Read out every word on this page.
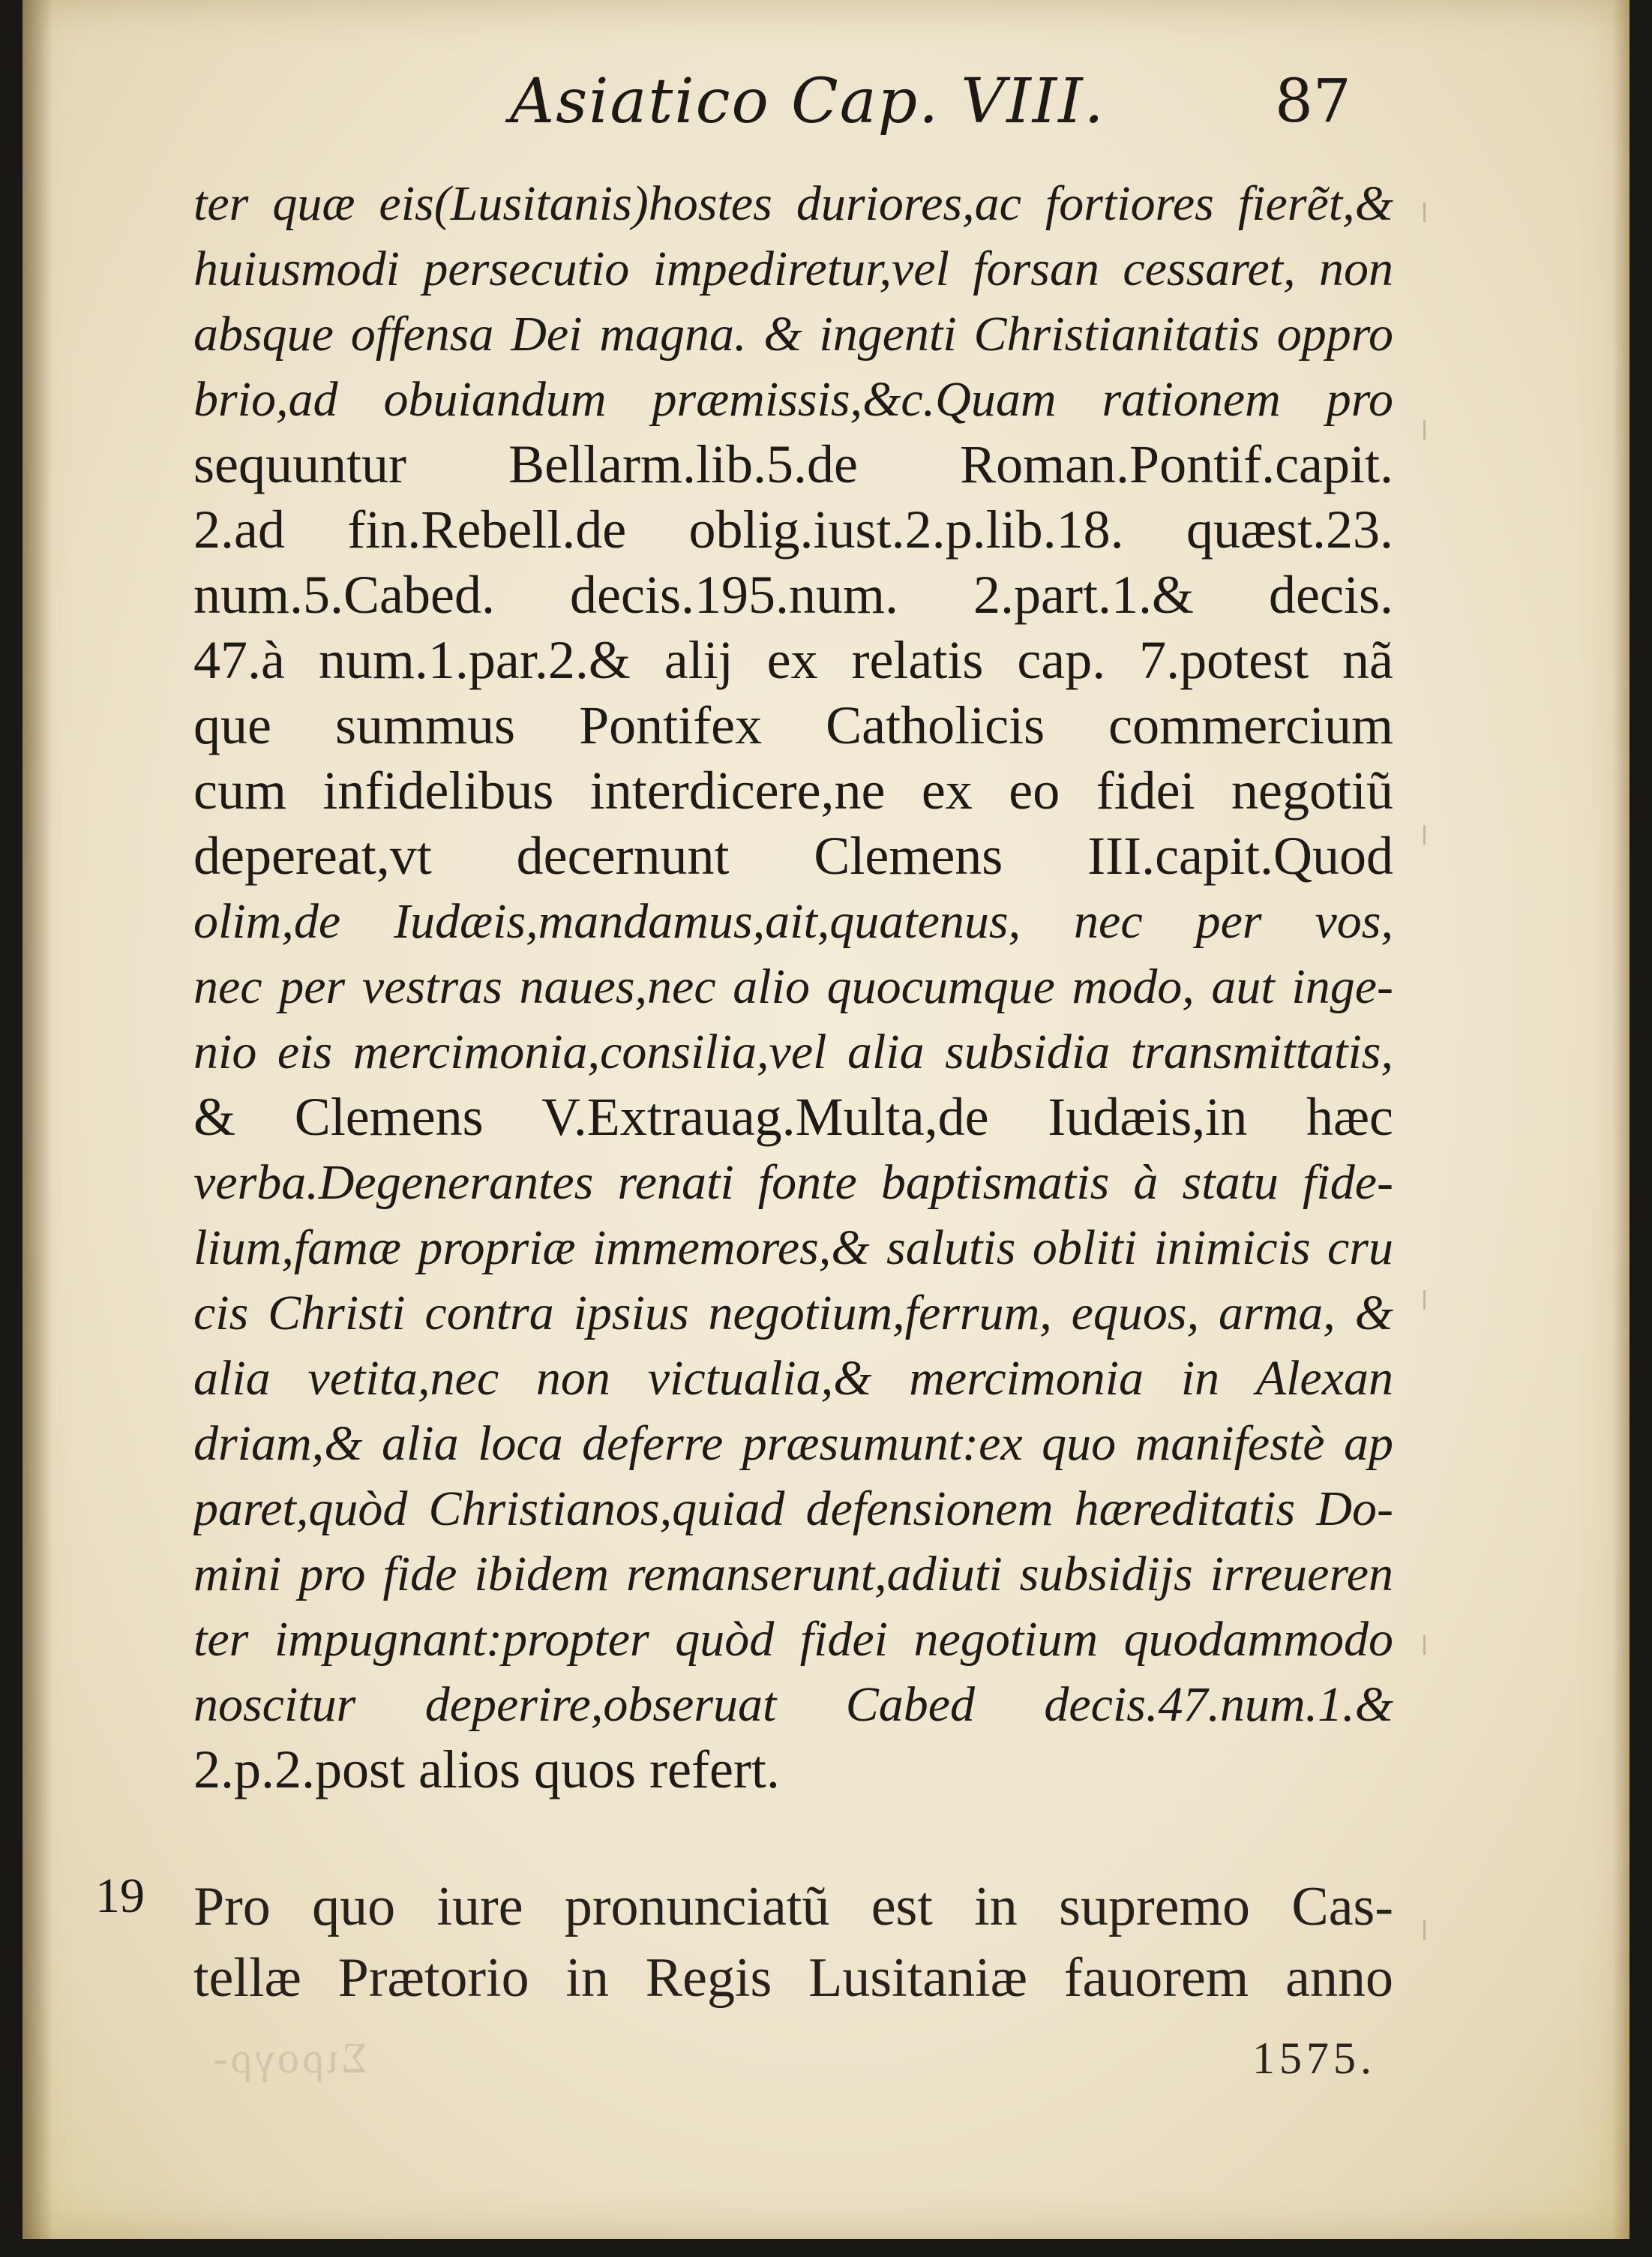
Asiatico Cap. VIII.	87
ter quæ eis(Lusitanis)hostes duriores,ac fortiores fierẽt,&
huiusmodi persecutio impediretur,vel forsan cessaret, non
absque offensa Dei magna. & ingenti Christianitatis oppro
brio,ad obuiandum præmissis,&c.Quam rationem pro
sequuntur Bellarm.lib.5.de Roman.Pontif.capit.
2.ad fin.Rebell.de oblig.iust.2.p.lib.18. quæst.23.
num.5.Cabed. decis.195.num. 2.part.1.& decis.
47.à num.1.par.2.& alij ex relatis cap. 7.potest nã
que summus Pontifex Catholicis commercium
cum infidelibus interdicere,ne ex eo fidei negotiũ
depereat,vt decernunt Clemens III.capit.Quod
olim,de Iudæis,mandamus,ait,quatenus, nec per vos,
nec per vestras naues,nec alio quocumque modo, aut inge-
nio eis mercimonia,consilia,vel alia subsidia transmittatis,
& Clemens V.Extrauag.Multa,de Iudæis,in hæc
verba.Degenerantes renati fonte baptismatis à statu fide-
lium,famæ propriæ immemores,& salutis obliti inimicis cru
cis Christi contra ipsius negotium,ferrum, equos, arma, &
alia vetita,nec non victualia,& mercimonia in Alexan
driam,& alia loca deferre præsumunt:ex quo manifestè ap
paret,quòd Christianos,quiad defensionem hæreditatis Do-
mini pro fide ibidem remanserunt,adiuti subsidijs irreueren
ter impugnant:propter quòd fidei negotium quodammodo
noscitur deperire,obseruat Cabed decis.47.num.1.&
2.p.2.post alios quos refert.
19 Pro quo iure pronunciatũ est in supremo Cas-
tellæ Prætorio in Regis Lusitaniæ fauorem anno
Σιρογρ-	1575.
